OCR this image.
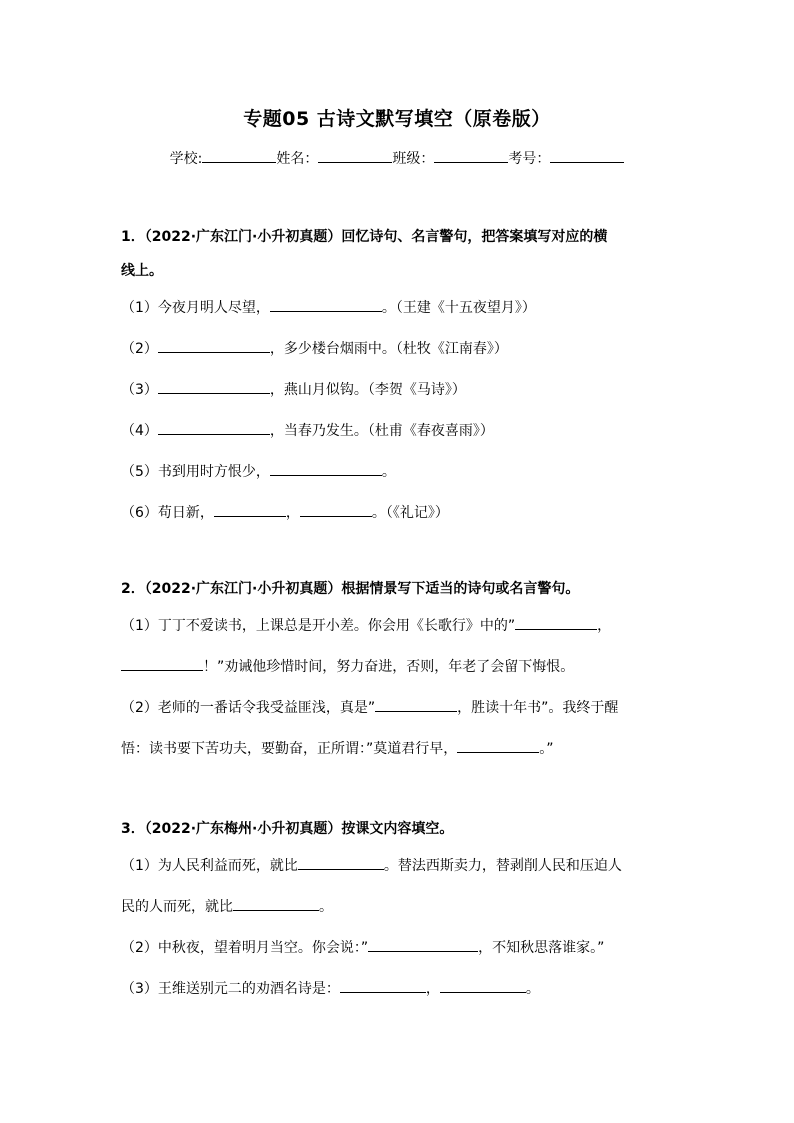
专题05 古诗文默写填空（原卷版）
学校:	姓名：	班级：	考号：
1．（2022·广东江门·小升初真题）回忆诗句、名言警句，把答案填写对应的横
线上。
（1）今夜月明人尽望，	。（王建《十五夜望月》）
（2）	，多少楼台烟雨中。（杜牧《江南春》）
（3）	，燕山月似钩。（李贺《马诗》）
（4）	，当春乃发生。（杜甫《春夜喜雨》）
（5）书到用时方恨少，	。
（6）苟日新，	，	。（《礼记》）
2．（2022·广东江门·小升初真题）根据情景写下适当的诗句或名言警句。
（1）丁丁不爱读书，上课总是开小差。你会用《长歌行》中的”	，
！”劝诫他珍惜时间，努力奋进，否则，年老了会留下悔恨。
（2）老师的一番话令我受益匪浅，真是”	，胜读十年书”。我终于醒
悟：读书要下苦功夫，要勤奋，正所谓：”莫道君行早，	。”
3．（2022·广东梅州·小升初真题）按课文内容填空。
（1）为人民利益而死，就比	。替法西斯卖力，替剥削人民和压迫人
民的人而死，就比	。
（2）中秋夜，望着明月当空。你会说：”	，不知秋思落谁家。”
（3）王维送别元二的劝酒名诗是：	，	。
